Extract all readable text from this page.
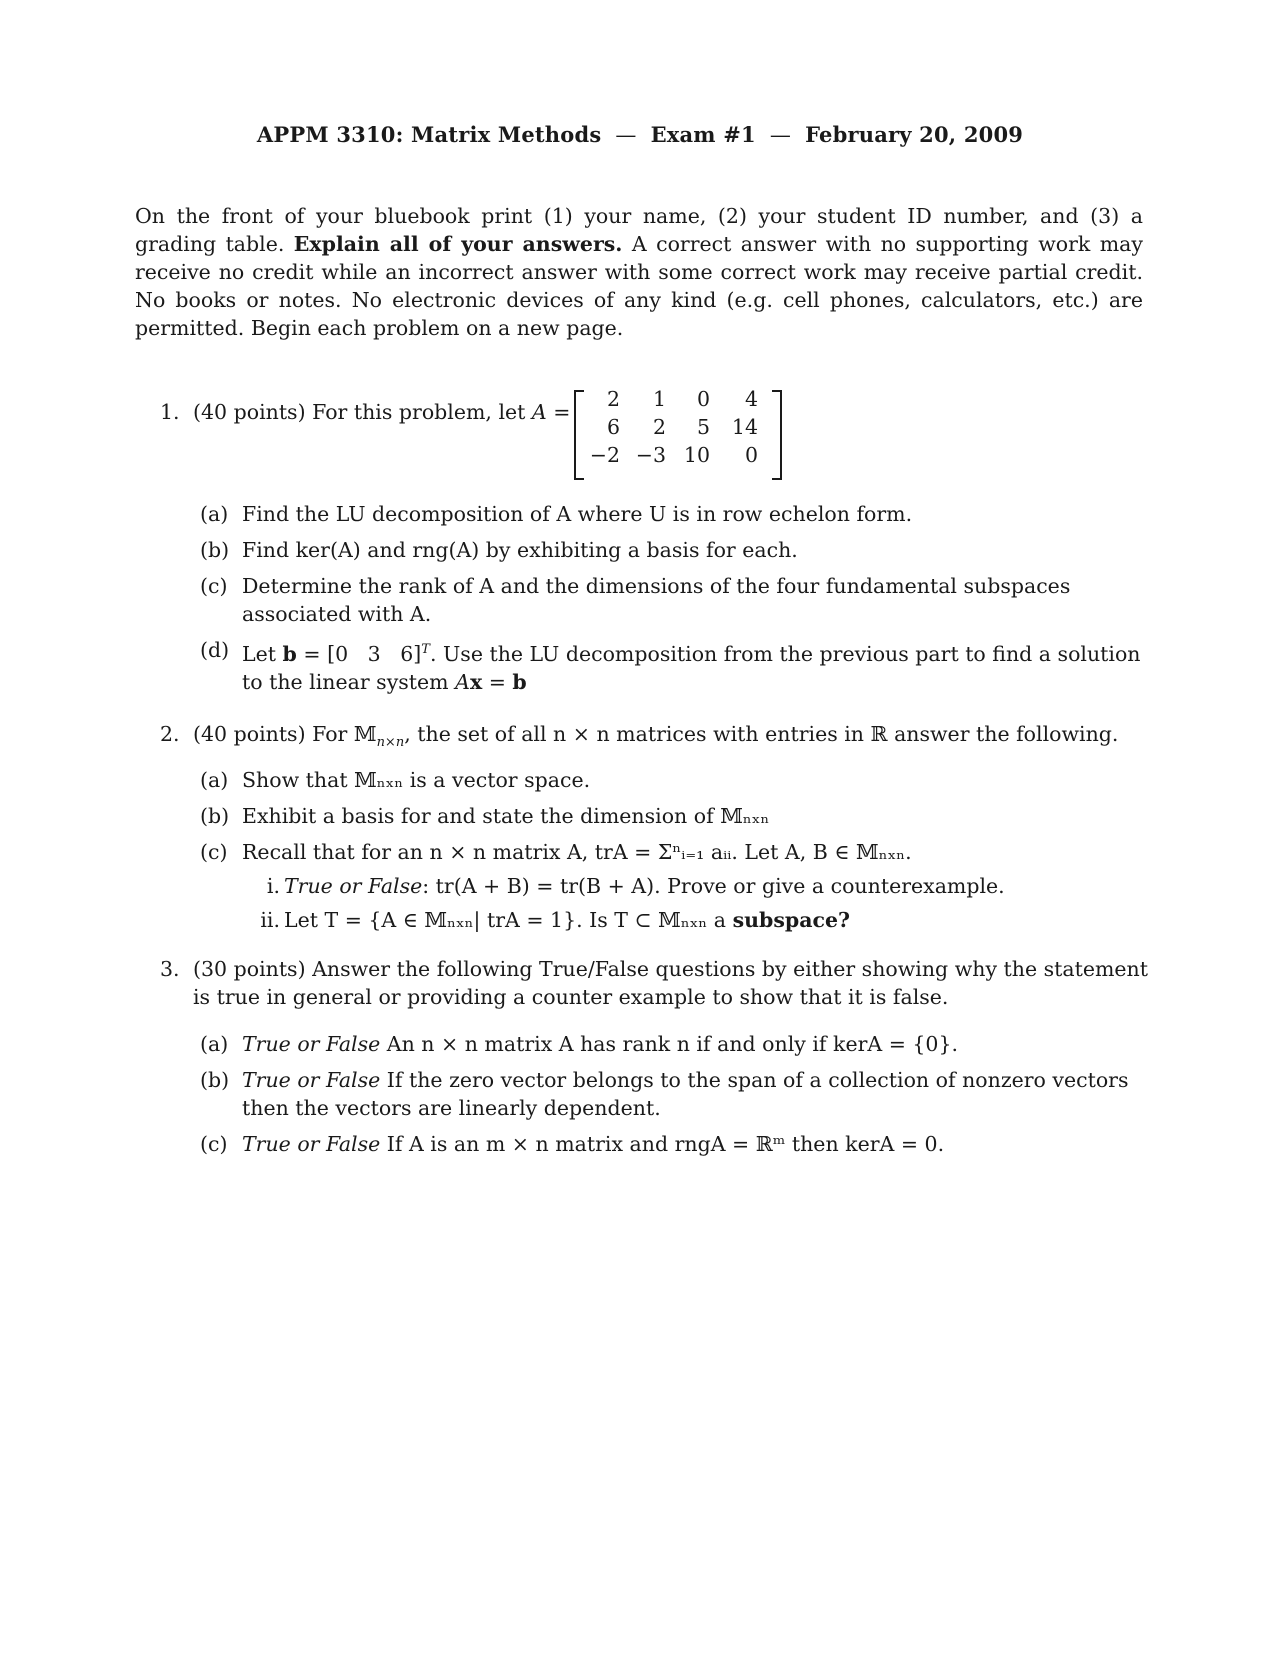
APPM 3310: Matrix Methods — Exam #1 — February 20, 2009
On the front of your bluebook print (1) your name, (2) your student ID number, and (3) a grading table. Explain all of your answers. A correct answer with no supporting work may receive no credit while an incorrect answer with some correct work may receive partial credit. No books or notes. No electronic devices of any kind (e.g. cell phones, calculators, etc.) are permitted. Begin each problem on a new page.
1. (40 points) For this problem, let A =
2	1	0	4
6	2	5	14
−2 −3 10	0
(a) Find the LU decomposition of A where U is in row echelon form.
(b) Find ker(A) and rng(A) by exhibiting a basis for each.
(c) Determine the rank of A and the dimensions of the four fundamental subspaces associated with A.
(d) Let b = [0   3   6]$^T$. Use the LU decomposition from the previous part to find a solution to the linear system Ax = b
2. (40 points) For 𝕄$_{n\times n}$, the set of all n × n matrices with entries in ℝ answer the following.
(a) Show that 𝕄ₙₓₙ is a vector space.
(b) Exhibit a basis for and state the dimension of 𝕄ₙₓₙ
(c) Recall that for an n × n matrix A, trA = Σⁿᵢ₌₁ aᵢᵢ. Let A, B ∈ 𝕄ₙₓₙ.
i. True or False: tr(A + B) = tr(B + A). Prove or give a counterexample.
ii. Let T = {A ∈ 𝕄ₙₓₙ| trA = 1}. Is T ⊂ 𝕄ₙₓₙ a subspace?
3. (30 points) Answer the following True/False questions by either showing why the statement is true in general or providing a counter example to show that it is false.
(a) True or False An n × n matrix A has rank n if and only if kerA = {0}.
(b) True or False If the zero vector belongs to the span of a collection of nonzero vectors then the vectors are linearly dependent.
(c) True or False If A is an m × n matrix and rngA = ℝᵐ then kerA = 0.
